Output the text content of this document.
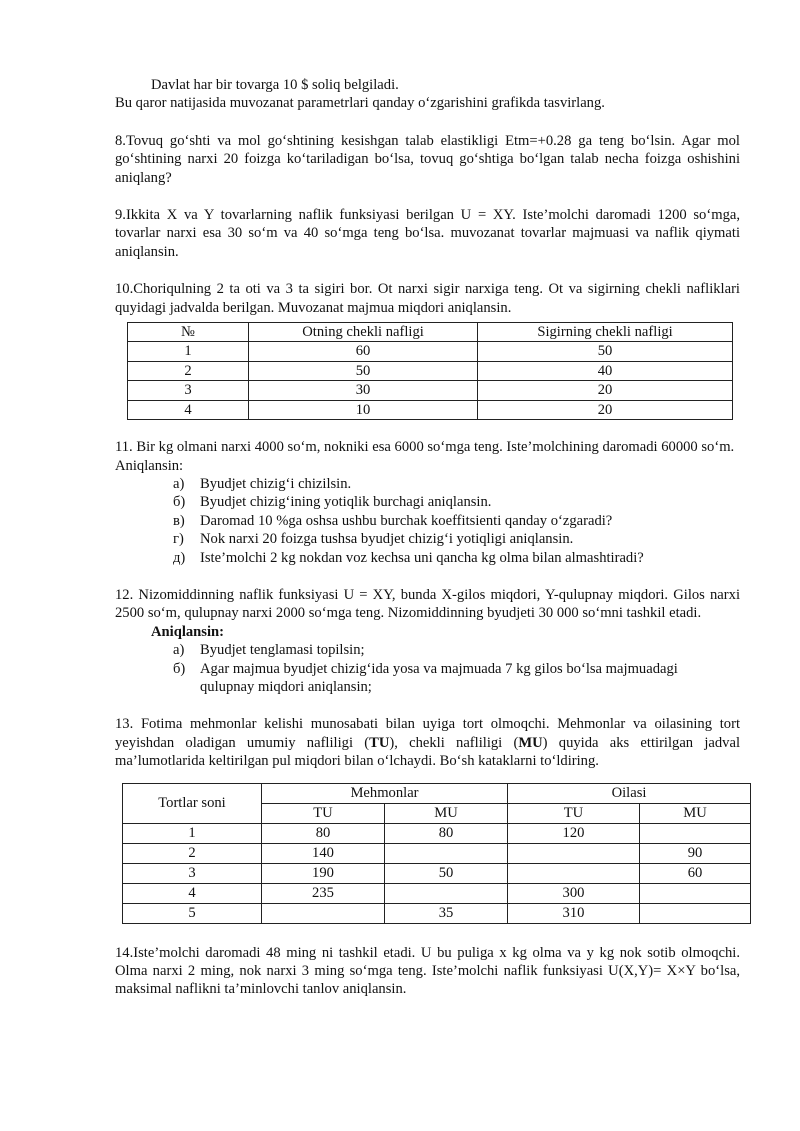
Davlat har bir tovarga 10 $ soliq belgiladi.

Bu qaror natijasida muvozanat parametrlari qanday o‘zgarishini grafikda tasvirlang.

8.Tovuq go‘shti va mol go‘shtining kesishgan talab elastikligi Etm=+0.28 ga teng bo‘lsin. Agar mol go‘shtining narxi 20 foizga ko‘tariladigan bo‘lsa, tovuq go‘shtiga bo‘lgan talab necha foizga oshishini aniqlang?

9.Ikkita X va Y tovarlarning naflik funksiyasi berilgan U = XY. Iste’molchi daromadi 1200 so‘mga, tovarlar narxi esa 30 so‘m va 40 so‘mga teng bo‘lsa. muvozanat tovarlar majmuasi va naflik qiymati aniqlansin.

10.Choriqulning 2 ta oti va 3 ta sigiri bor. Ot narxi sigir narxiga teng. Ot va sigirning chekli nafliklari quyidagi jadvalda berilgan. Muvozanat majmua miqdori aniqlansin.

№	Otning chekli nafligi	Sigirning chekli nafligi
1	60	50
2	50	40
3	30	20
4	10	20

11. Bir kg olmani narxi 4000 so‘m, nokniki esa 6000 so‘mga teng. Iste’molchining daromadi 60000 so‘m.

Aniqlansin:

а) Byudjet chizig‘i chizilsin.
б) Byudjet chizig‘ining yotiqlik burchagi aniqlansin.
в) Daromad 10 %ga oshsa ushbu burchak koeffitsienti qanday o‘zgaradi?
г) Nok narxi 20 foizga tushsa byudjet chizig‘i yotiqligi aniqlansin.
д) Iste’molchi 2 kg nokdan voz kechsa uni qancha kg olma bilan almashtiradi?

12. Nizomiddinning naflik funksiyasi U = XY, bunda X-gilos miqdori, Y-qulupnay miqdori. Gilos narxi 2500 so‘m, qulupnay narxi 2000 so‘mga teng. Nizomiddinning byudjeti 30 000 so‘mni tashkil etadi.

Aniqlansin:

а) Byudjet tenglamasi topilsin;
б) Agar majmua byudjet chizig‘ida yosa va majmuada 7 kg gilos bo‘lsa majmuadagi
qulupnay miqdori aniqlansin;

13. Fotima mehmonlar kelishi munosabati bilan uyiga tort olmoqchi. Mehmonlar va oilasining tort yeyishdan oladigan umumiy nafliligi (TU), chekli nafliligi (MU) quyida aks ettirilgan jadval ma’lumotlarida keltirilgan pul miqdori bilan o‘lchaydi. Bo‘sh kataklarni to‘ldiring.

Tortlar soni	Mehmonlar		Oilasi	
	TU	MU	TU	MU
1	80	80	120	
2	140			90
3	190	50		60
4	235		300	
5		35	310	

14.Iste’molchi daromadi 48 ming ni tashkil etadi. U bu puliga x kg olma va y kg nok sotib olmoqchi. Olma narxi 2 ming, nok narxi 3 ming so‘mga teng. Iste’molchi naflik funksiyasi U(X,Y)= X×Y bo‘lsa, maksimal naflikni ta’minlovchi tanlov aniqlansin.
